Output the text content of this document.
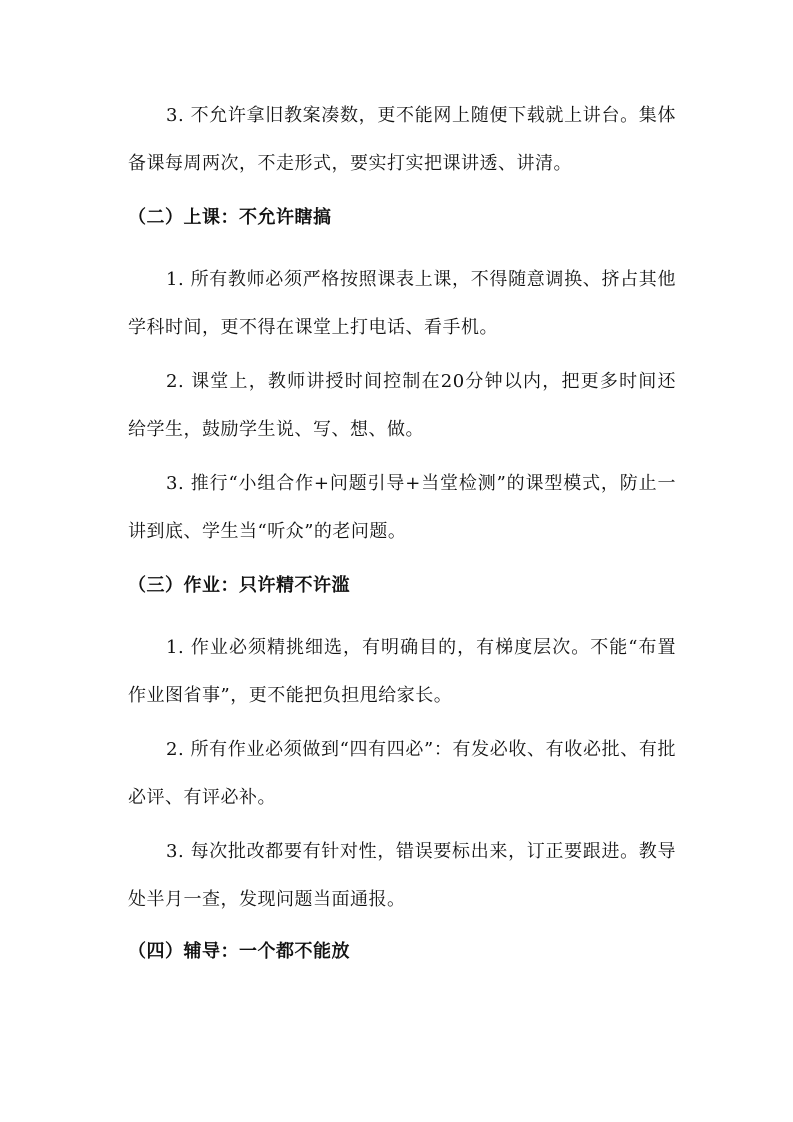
3. 不允许拿旧教案凑数，更不能网上随便下载就上讲台。集体备课每周两次，不走形式，要实打实把课讲透、讲清。

（二）上课：不允许瞎搞

1. 所有教师必须严格按照课表上课，不得随意调换、挤占其他学科时间，更不得在课堂上打电话、看手机。

2. 课堂上，教师讲授时间控制在20分钟以内，把更多时间还给学生，鼓励学生说、写、想、做。

3. 推行“小组合作+问题引导+当堂检测”的课型模式，防止一讲到底、学生当“听众”的老问题。

（三）作业：只许精不许滥

1. 作业必须精挑细选，有明确目的，有梯度层次。不能“布置作业图省事”，更不能把负担甩给家长。

2. 所有作业必须做到“四有四必”：有发必收、有收必批、有批必评、有评必补。

3. 每次批改都要有针对性，错误要标出来，订正要跟进。教导处半月一查，发现问题当面通报。

（四）辅导：一个都不能放
